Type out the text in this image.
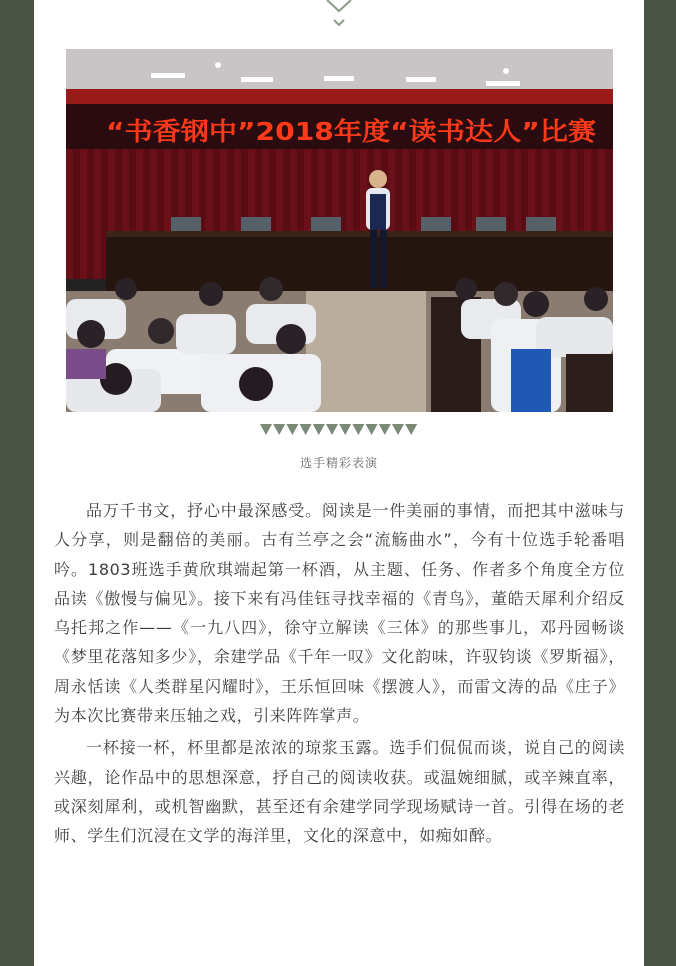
“书香钢中”2018年度“读书达人”比赛
选手精彩表演

品万千书文，抒心中最深感受。阅读是一件美丽的事情，而把其中滋味与人分享，则是翻倍的美丽。古有兰亭之会“流觞曲水”，今有十位选手轮番唱吟。1803班选手黄欣琪端起第一杯酒，从主题、任务、作者多个角度全方位品读《傲慢与偏见》。接下来有冯佳钰寻找幸福的《青鸟》，董皓天犀利介绍反乌托邦之作——《一九八四》，徐守立解读《三体》的那些事儿，邓丹园畅谈《梦里花落知多少》，余建学品《千年一叹》文化韵味，许驭钧谈《罗斯福》，周永恬读《人类群星闪耀时》，王乐恒回味《摆渡人》，而雷文涛的品《庄子》为本次比赛带来压轴之戏，引来阵阵掌声。

一杯接一杯，杯里都是浓浓的琼浆玉露。选手们侃侃而谈，说自己的阅读兴趣，论作品中的思想深意，抒自己的阅读收获。或温婉细腻，或辛辣直率，或深刻犀利，或机智幽默，甚至还有余建学同学现场赋诗一首。引得在场的老师、学生们沉浸在文学的海洋里，文化的深意中，如痴如醉。
